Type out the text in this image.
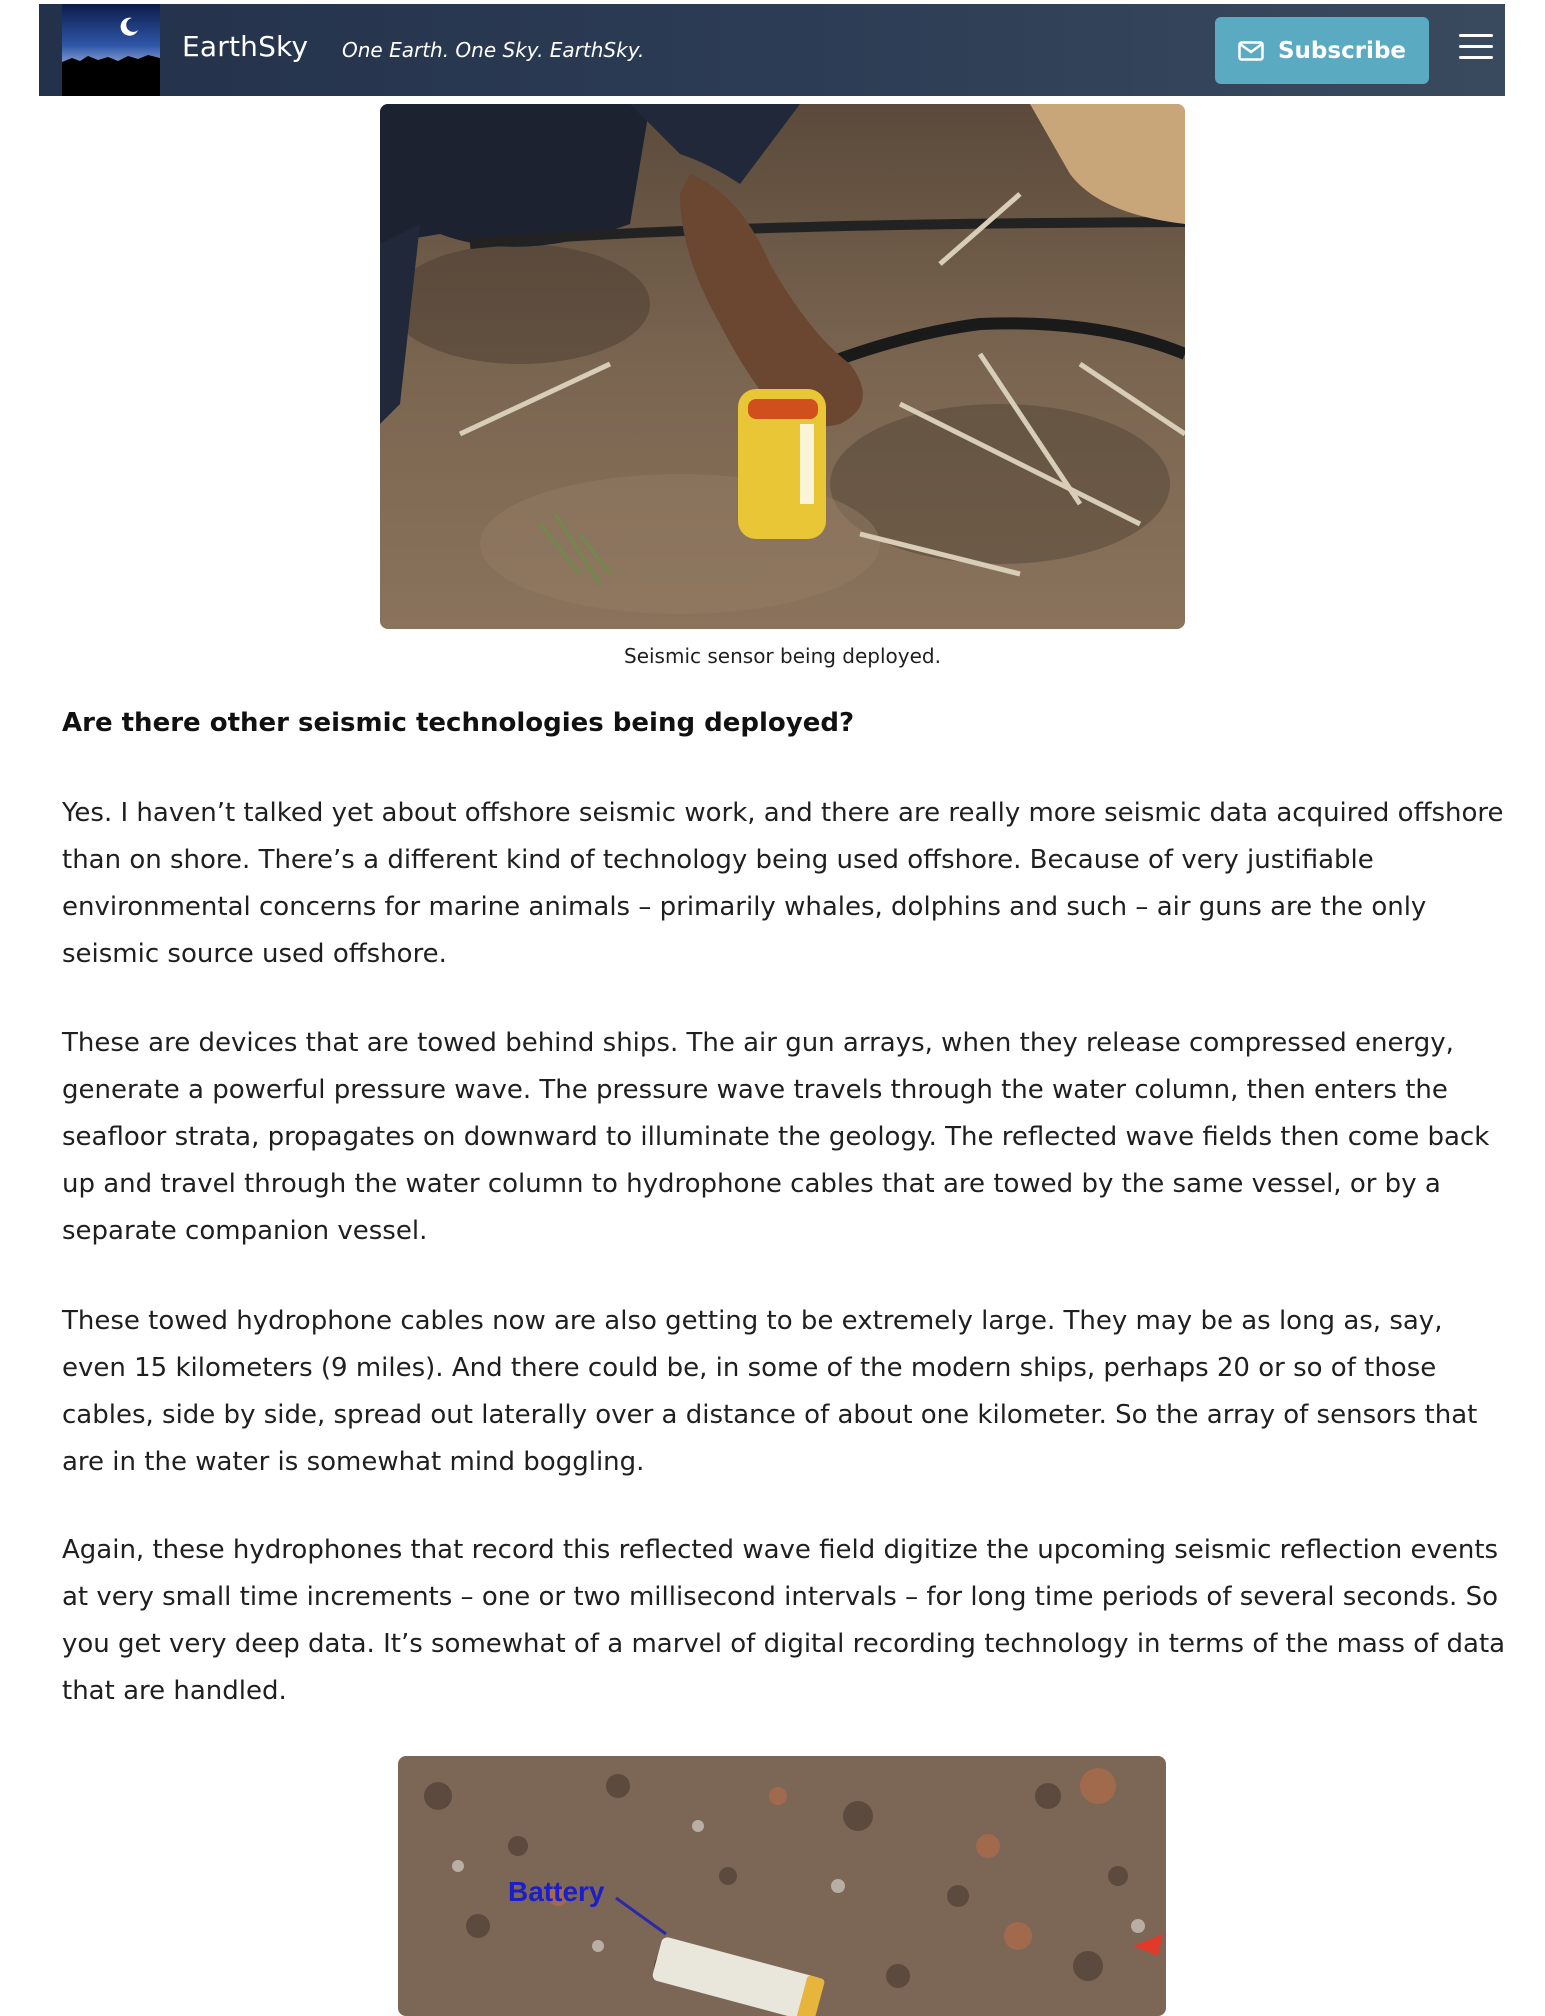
EarthSky One Earth. One Sky. EarthSky.	Subscribe
Seismic sensor being deployed.
Are there other seismic technologies being deployed?

Yes. I haven’t talked yet about offshore seismic work, and there are really more seismic data acquired offshore than on shore. There’s a different kind of technology being used offshore. Because of very justifiable environmental concerns for marine animals – primarily whales, dolphins and such – air guns are the only seismic source used offshore.

These are devices that are towed behind ships. The air gun arrays, when they release compressed energy, generate a powerful pressure wave. The pressure wave travels through the water column, then enters the seafloor strata, propagates on downward to illuminate the geology. The reflected wave fields then come back up and travel through the water column to hydrophone cables that are towed by the same vessel, or by a separate companion vessel.

These towed hydrophone cables now are also getting to be extremely large. They may be as long as, say, even 15 kilometers (9 miles). And there could be, in some of the modern ships, perhaps 20 or so of those cables, side by side, spread out laterally over a distance of about one kilometer. So the array of sensors that are in the water is somewhat mind boggling.

Again, these hydrophones that record this reflected wave field digitize the upcoming seismic reflection events at very small time increments – one or two millisecond intervals – for long time periods of several seconds. So you get very deep data. It’s somewhat of a marvel of digital recording technology in terms of the mass of data that are handled.

Battery
